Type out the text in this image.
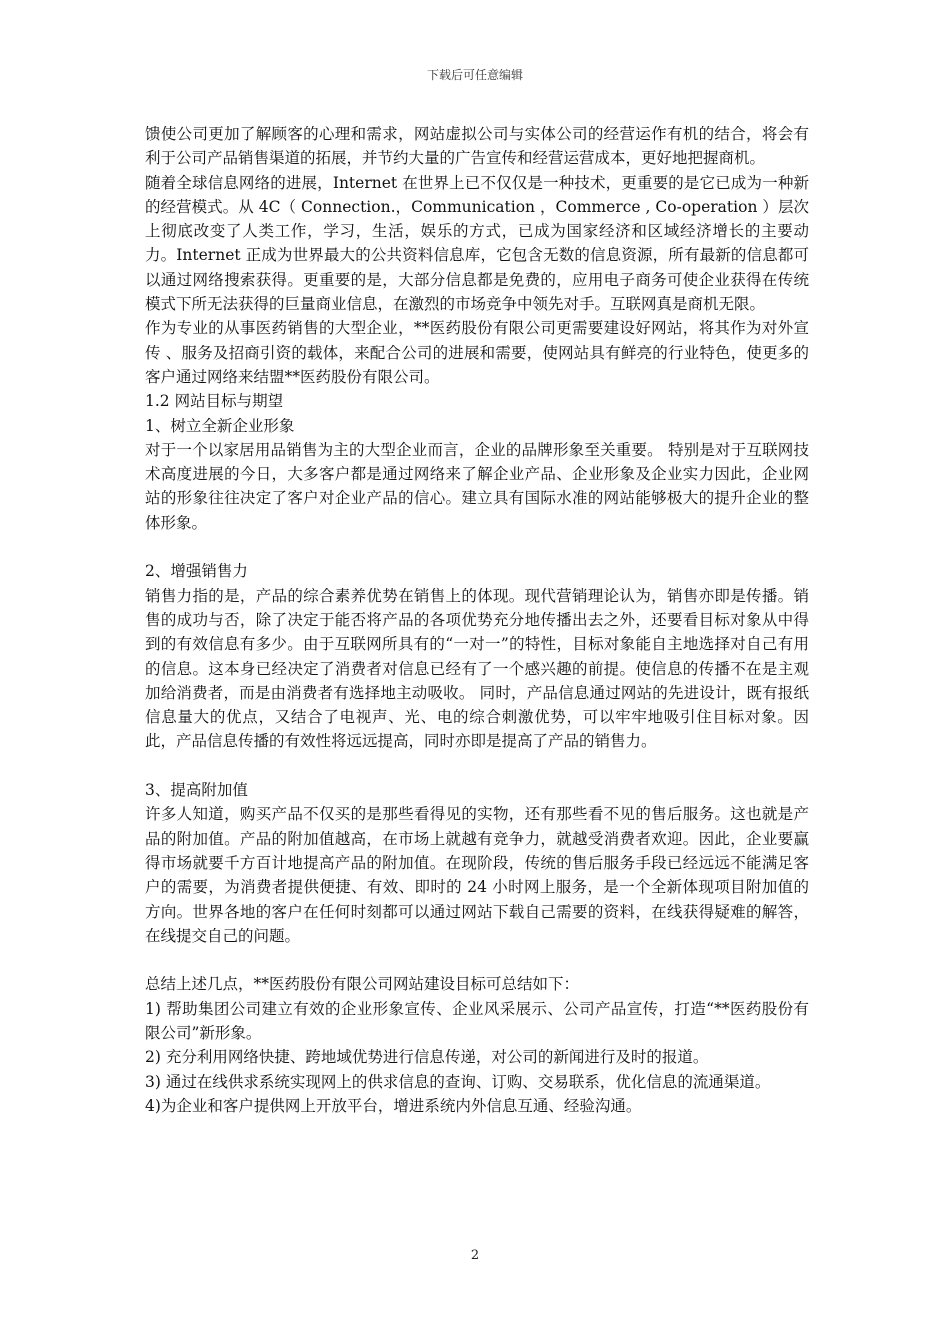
下载后可任意编辑

馈使公司更加了解顾客的心理和需求，网站虚拟公司与实体公司的经营运作有机的结合，将会有利于公司产品销售渠道的拓展，并节约大量的广告宣传和经营运营成本，更好地把握商机。

随着全球信息网络的进展，Internet 在世界上已不仅仅是一种技术，更重要的是它已成为一种新的经营模式。从 4C（ Connection.，Communication ，Commerce , Co-operation ）层次上彻底改变了人类工作，学习，生活，娱乐的方式，已成为国家经济和区域经济增长的主要动力。Internet 正成为世界最大的公共资料信息库，它包含无数的信息资源，所有最新的信息都可以通过网络搜索获得。更重要的是，大部分信息都是免费的，应用电子商务可使企业获得在传统模式下所无法获得的巨量商业信息，在激烈的市场竞争中领先对手。互联网真是商机无限。

作为专业的从事医药销售的大型企业，**医药股份有限公司更需要建设好网站，将其作为对外宣传 、服务及招商引资的载体，来配合公司的进展和需要，使网站具有鲜亮的行业特色，使更多的客户通过网络来结盟**医药股份有限公司。

1.2 网站目标与期望

1、树立全新企业形象

对于一个以家居用品销售为主的大型企业而言，企业的品牌形象至关重要。 特别是对于互联网技术高度进展的今日，大多客户都是通过网络来了解企业产品、企业形象及企业实力因此，企业网站的形象往往决定了客户对企业产品的信心。建立具有国际水准的网站能够极大的提升企业的整体形象。

2、增强销售力

销售力指的是，产品的综合素养优势在销售上的体现。现代营销理论认为，销售亦即是传播。销售的成功与否，除了决定于能否将产品的各项优势充分地传播出去之外，还要看目标对象从中得到的有效信息有多少。由于互联网所具有的“一对一”的特性，目标对象能自主地选择对自己有用的信息。这本身已经决定了消费者对信息已经有了一个感兴趣的前提。使信息的传播不在是主观加给消费者，而是由消费者有选择地主动吸收。 同时，产品信息通过网站的先进设计，既有报纸信息量大的优点，又结合了电视声、光、电的综合刺激优势，可以牢牢地吸引住目标对象。因此，产品信息传播的有效性将远远提高，同时亦即是提高了产品的销售力。

3、提高附加值

许多人知道，购买产品不仅买的是那些看得见的实物，还有那些看不见的售后服务。这也就是产品的附加值。产品的附加值越高，在市场上就越有竞争力，就越受消费者欢迎。因此，企业要赢得市场就要千方百计地提高产品的附加值。在现阶段，传统的售后服务手段已经远远不能满足客户的需要，为消费者提供便捷、有效、即时的 24 小时网上服务，是一个全新体现项目附加值的方向。世界各地的客户在任何时刻都可以通过网站下载自己需要的资料，在线获得疑难的解答，在线提交自己的问题。

总结上述几点，**医药股份有限公司网站建设目标可总结如下：

1) 帮助集团公司建立有效的企业形象宣传、企业风采展示、公司产品宣传，打造“**医药股份有限公司”新形象。

2) 充分利用网络快捷、跨地域优势进行信息传递，对公司的新闻进行及时的报道。

3) 通过在线供求系统实现网上的供求信息的查询、订购、交易联系，优化信息的流通渠道。

4)为企业和客户提供网上开放平台，增进系统内外信息互通、经验沟通。

2
